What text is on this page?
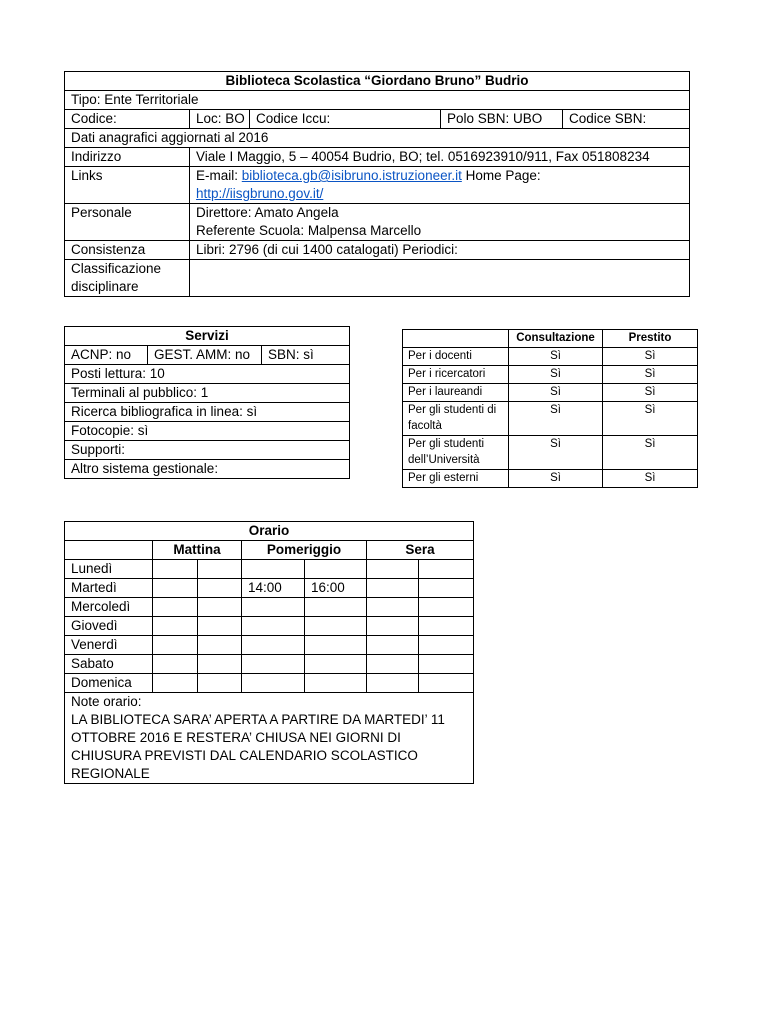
Biblioteca Scolastica “Giordano Bruno” Budrio				
Tipo: Ente Territoriale				
Codice:	Loc: BO	Codice Iccu:	Polo SBN: UBO	Codice SBN:
Dati anagrafici aggiornati al 2016				
Indirizzo	Viale I Maggio, 5 – 40054 Budrio, BO; tel. 0516923910/911, Fax 051808234			
Links	E-mail: biblioteca.gb@isibruno.istruzioneer.it Home Page:
http://iisgbruno.gov.it/			
Personale	Direttore: Amato Angela
Referente Scuola: Malpensa Marcello			

Consistenza	Libri: 2796 (di cui 1400 catalogati) Periodici:			
Classificazione disciplinare				
Servizi
ACNP: no	GEST. AMM: no	SBN: sì
Posti lettura: 10
Terminali al pubblico: 1
Ricerca bibliografica in linea: sì
Fotocopie: sì
Supporti:
Altro sistema gestionale:
	Consultazione	Prestito
Per i docenti	Sì	Sì
Per i ricercatori	Sì	Sì
Per i laureandi	Sì	Sì
Per gli studenti di facoltà	Sì	Sì
Per gli studenti dell’Università	Sì	Sì
Per gli esterni	Sì	Sì
Orario						
	Mattina		Pomeriggio		Sera	
Lunedì						
Martedì			14:00	16:00		
Mercoledì						
Giovedì						
Venerdì						
Sabato						
Domenica						

Note orario:
LA BIBLIOTECA SARA’ APERTA A PARTIRE DA MARTEDI’ 11 OTTOBRE 2016 E RESTERA’ CHIUSA NEI GIORNI DI CHIUSURA PREVISTI DAL CALENDARIO SCOLASTICO REGIONALE						
